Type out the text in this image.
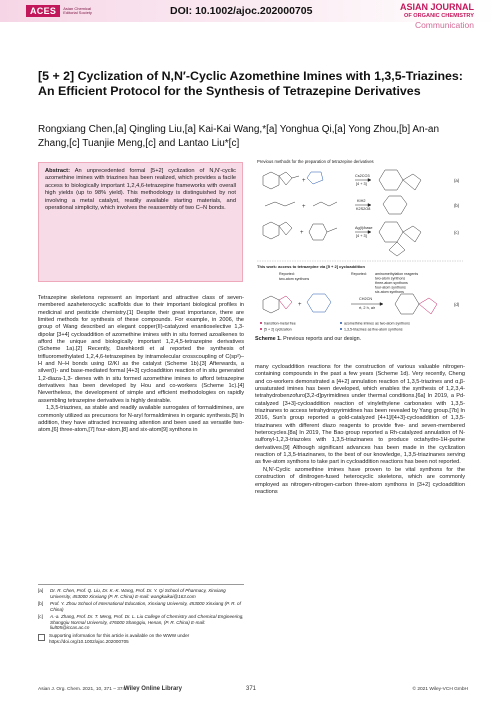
ACES	Asian Chemical Editorial Society	DOI: 10.1002/ajoc.202000705	ASIAN JOURNAL
OF ORGANIC CHEMISTRY
Communication
[5 + 2] Cyclization of N,N′-Cyclic Azomethine Imines with 1,3,5-Triazines: An Efficient Protocol for the Synthesis of Tetrazepine Derivatives
Rongxiang Chen,[a] Qingling Liu,[a] Kai-Kai Wang,*[a] Yonghua Qi,[a] Yong Zhou,[b] An-an Zhang,[c] Tuanjie Meng,[c] and Lantao Liu*[c]
Abstract: An unprecedented formal [5+2] cyclization of N,N′-cyclic azomethine imines with triazines has been realized, which provides a facile access to biologically important 1,2,4,6-tetrazepine frameworks with overall high yields (up to 98% yield). This methodology is distinguished by not involving a metal catalyst, readily available starting materials, and operational simplicity, which involves the reassembly of two C–N bonds.
Previous methods for the preparation of tetrazepine derivatives
+
Cs2CO3
[4 + 3]
(a)
+
KIH2
K2S2O8
(b)
+
Ag(I)/base
[4 + 3]
(c)
This work: access to tetrazepine via [5 + 2] cycloaddition
Reported:
two-atom synthons
Reported: aminomethylation reagents
two-atom synthons
three-atom synthons
four-atom synthons
six-atom synthons
+
CH2CN
rt, 2 h, air
(d)
transition-metal free	azomethine imines as two-atom synthons
[5 + 2] cyclization	1,3,5-triazines as five-atom synthons
Scheme 1. Previous reports and our design.

Tetrazepine skeletons represent an important and attractive class of seven-membered azaheterocyclic scaffolds due to their important biological profiles in medicinal and pesticide chemistry.[1] Despite their great importance, there are limited methods for synthesis of these compounds. For example, in 2006, the group of Wang described an elegant copper(II)-catalyzed enantioselective 1,3-dipolar [3+4] cycloaddition of azomethine imines with in situ formed azoalkenes to afford the unique and biologically important 1,2,4,5-tetrazepine derivatives (Scheme 1a).[2] Recently, Darehkordi et al reported the synthesis of trifluoromethylated 1,2,4,6-tetrazepines by intramolecular crosscoupling of C(sp²)–H and N–H bonds using I2/KI as the catalyst (Scheme 1b).[3] Afterwards, a silver(I)- and base-mediated formal [4+3] cycloaddition reaction of in situ generated 1,2-diaza-1,3- dienes with in situ formed azomethine imines to afford tetrazepine derivatives has been developed by Hou and co-workers (Scheme 1c).[4] Nevertheless, the development of simple and efficient methodologies on rapidly assembling tetrazepine derivatives is highly desirable.

1,3,5-triazines, as stable and readily available surrogates of formaldimines, are commonly utilized as precursors for N-aryl formaldimines in organic synthesis.[5] In addition, they have attracted increasing attention and been used as versatile two-atom,[6] three-atom,[7] four-atom,[8] and six-atom[9] synthons in

many cycloaddition reactions for the construction of various valuable nitrogen-containing compounds in the past a few years (Scheme 1d). Very recently, Cheng and co-workers demonstrated a [4+2] annulation reaction of 1,3,5-triazines and α,β-unsaturated imines has been developed, which enables the synthesis of 1,2,3,4-tetrahydrobenzofuro[3,2-d]pyrimidines under thermal conditions.[6a] In 2019, a Pd-catalyzed [3+3]-cycloaddition reaction of vinylethylene carbonates with 1,3,5-triazinanes to access tetrahydropyrimidines has been revealed by Yang group.[7b] In 2016, Sun's group reported a gold-catalyzed [4+1]/[4+3]-cycloaddition of 1,3,5-triazinanes with different diazo reagents to provide five- and seven-membered heterocycles.[8a] In 2019, The Bao group reported a Rh-catalyzed annulation of N-sulfonyl-1,2,3-triazoles with 1,3,5-triazinanes to produce octahydro-1H-purine derivatives.[9] Although significant advances has been made in the cyclization reaction of 1,3,5-triazinanes, to the best of our knowledge, 1,3,5-triazinanes serving as five-atom synthons to take part in cycloaddition reactions has been not reported.

N,N′-Cyclic azomethine imines have proven to be vital synthons for the construction of dinitrogen-fused heterocyclic skeletons, which are commonly employed as nitrogen-nitrogen-carbon three-atom synthons in [3+2] cycloaddition reactions

[a]	Dr. R. Chen, Prof. Q. Liu, Dr. K.-K. Wang, Prof. Dr. Y. Qi School of Pharmacy, Xinxiang University, 453000 Xinxiang (P. R. China) E-mail: wangkaikai@163.com
[b]	Prof. Y. Zhou School of International Education, Xinxiang University, 453000 Xinxiang (P. R. of China)
[c]	A.-a. Zhang, Prof. Dr. T. Meng, Prof. Dr. L. Liu College of Chemistry and Chemical Engineering, Shangqiu Normal University, 476000 Shangqiu, Henan, (P. R. China) E-mail: liult05@iccas.ac.cn
Supporting information for this article is available on the WWW under https://doi.org/10.1002/ajoc.202000705
Asian J. Org. Chem. 2021, 10, 371 – 374
Wiley Online Library	371	© 2021 Wiley-VCH GmbH
